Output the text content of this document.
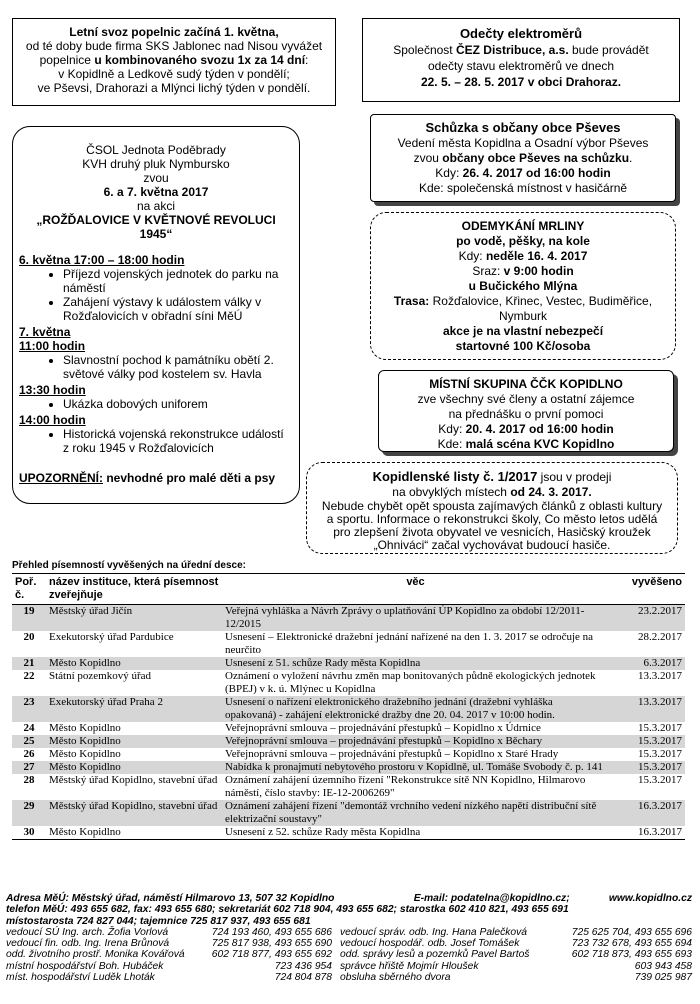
Letní svoz popelnic začíná 1. května,
od té doby bude firma SKS Jablonec nad Nisou vyvážet
popelnice u kombinovaného svozu 1x za 14 dní:
v Kopidlně a Ledkově sudý týden v pondělí;
ve Pševsi, Drahorazi a Mlýnci lichý týden v pondělí.
Odečty elektroměrů
Společnost ČEZ Distribuce, a.s. bude provádět
odečty stavu elektroměrů ve dnech
22. 5. – 28. 5. 2017 v obci Drahoraz.
Schůzka s občany obce Pševes
Vedení města Kopidlna a Osadní výbor Pševes
zvou občany obce Pševes na schůzku.
Kdy: 26. 4. 2017 od 16:00 hodin
Kde: společenská místnost v hasičárně
ČSOL Jednota Poděbrady
KVH druhý pluk Nymbursko
zvou
6. a 7. května 2017
na akci
„ROŽĎALOVICE V KVĚTNOVÉ REVOLUCI 1945“
6. května 17:00 – 18:00 hodin
• Příjezd vojenských jednotek do parku na náměstí
• Zahájení výstavy k událostem války v Rožďalovicích v obřadní síni MěÚ
7. května
11:00 hodin
• Slavnostní pochod k památníku obětí 2. světové války pod kostelem sv. Havla
13:30 hodin
• Ukázka dobových uniforem
14:00 hodin
• Historická vojenská rekonstrukce událostí z roku 1945 v Rožďalovicích
UPOZORNĚNÍ: nevhodné pro malé děti a psy
ODEMYKÁNÍ MRLINY
po vodě, pěšky, na kole
Kdy: neděle 16. 4. 2017
Sraz: v 9:00 hodin
u Bučického Mlýna
Trasa: Rožďalovice, Křinec, Vestec, Budiměřice,
Nymburk
akce je na vlastní nebezpečí
startovné 100 Kč/osoba
MÍSTNÍ SKUPINA ČČK KOPIDLNO
zve všechny své členy a ostatní zájemce
na přednášku o první pomoci
Kdy: 20. 4. 2017 od 16:00 hodin
Kde: malá scéna KVC Kopidlno
Kopidlenské listy č. 1/2017 jsou v prodeji
na obvyklých místech od 24. 3. 2017.
Nebude chybět opět spousta zajímavých článků z oblasti kultury
a sportu. Informace o rekonstrukci školy, Co město letos udělá
pro zlepšení života obyvatel ve vesnicích, Hasičský kroužek
„Ohniváci“ začal vychovávat budoucí hasiče.
Přehled písemností vyvěšených na úřední desce:
Poř. č.	název instituce, která písemnost zveřejňuje	věc	vyvěšeno
19	Městský úřad Jičín	Veřejná vyhláška a Návrh Zprávy o uplatňování ÚP Kopidlno za období 12/2011-12/2015	23.2.2017
20	Exekutorský úřad Pardubice	Usnesení – Elektronické dražební jednání nařízené na den 1. 3. 2017 se odročuje na neurčito	28.2.2017
21	Město Kopidlno	Usnesení z 51. schůze Rady města Kopidlna	6.3.2017
22	Státní pozemkový úřad	Oznámení o vyložení návrhu změn map bonitovaných půdně ekologických jednotek (BPEJ) v k. ú. Mlýnec u Kopidlna	13.3.2017
23	Exekutorský úřad Praha 2	Usnesení o nařízení elektronického dražebního jednání (dražební vyhláška opakovaná) - zahájení elektronické dražby dne 20. 04. 2017 v 10:00 hodin.	13.3.2017
24	Město Kopidlno	Veřejnoprávní smlouva – projednávání přestupků – Kopidlno x Údrnice	15.3.2017
25	Město Kopidlno	Veřejnoprávní smlouva – projednávání přestupků – Kopidlno x Běchary	15.3.2017
26	Město Kopidlno	Veřejnoprávní smlouva – projednávání přestupků – Kopidlno x Staré Hrady	15.3.2017
27	Město Kopidlno	Nabídka k pronajmutí nebytového prostoru v Kopidlně, ul. Tomáše Svobody č. p. 141	15.3.2017
28	Městský úřad Kopidlno, stavební úřad	Oznámení zahájení územního řízení "Rekonstrukce sítě NN Kopidlno, Hilmarovo náměstí, číslo stavby: IE-12-2006269"	15.3.2017
29	Městský úřad Kopidlno, stavební úřad	Oznámení zahájení řízení "demontáž vrchního vedení nízkého napětí distribuční sítě elektrizační soustavy"	16.3.2017
30	Město Kopidlno	Usnesení z 52. schůze Rady města Kopidlna	16.3.2017
Adresa MěÚ: Městský úřad, náměstí Hilmarovo 13, 507 32 Kopidlno	E-mail: podatelna@kopidlno.cz;	www.kopidlno.cz
telefon MěÚ: 493 655 682, fax: 493 655 680; sekretariát 602 718 904, 493 655 682; starostka 602 410 821, 493 655 691
místostarosta 724 827 044; tajemnice 725 817 937, 493 655 681
vedoucí SÚ Ing. arch. Žofia Vorlová	724 193 460, 493 655 686 vedoucí správ. odb. Ing. Hana Palečková	725 625 704, 493 655 696
vedoucí fin. odb. Ing. Irena Brůnová	725 817 938, 493 655 690 vedoucí hospodář. odb. Josef Tomášek	723 732 678, 493 655 694
odd. životního prostř. Monika Kovářová	602 718 877, 493 655 692 odd. správy lesů a pozemků Pavel Bartoš	602 718 873, 493 655 693
místní hospodářství Boh. Hubáček	723 436 954 správce hřiště Mojmír Hloušek	603 943 458
míst. hospodářství Luděk Lhoták	724 804 878 obsluha sběrného dvora	739 025 987
